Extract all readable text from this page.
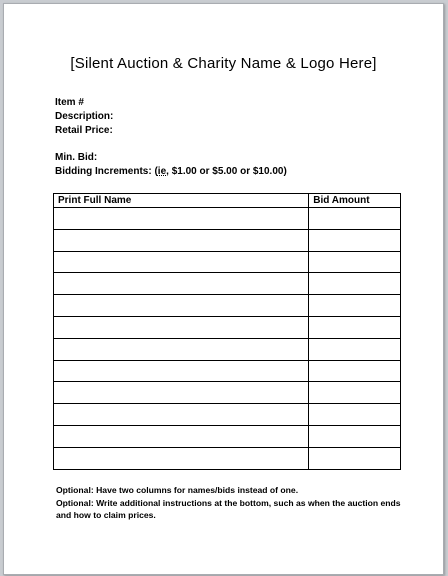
[Silent Auction & Charity Name & Logo Here]
Item #
Description:
Retail Price:
Min. Bid:
Bidding Increments: (ie, $1.00 or $5.00 or $10.00)
Print Full Name	Bid Amount

Optional: Have two columns for names/bids instead of one.
Optional: Write additional instructions at the bottom, such as when the auction ends and how to claim prices.
